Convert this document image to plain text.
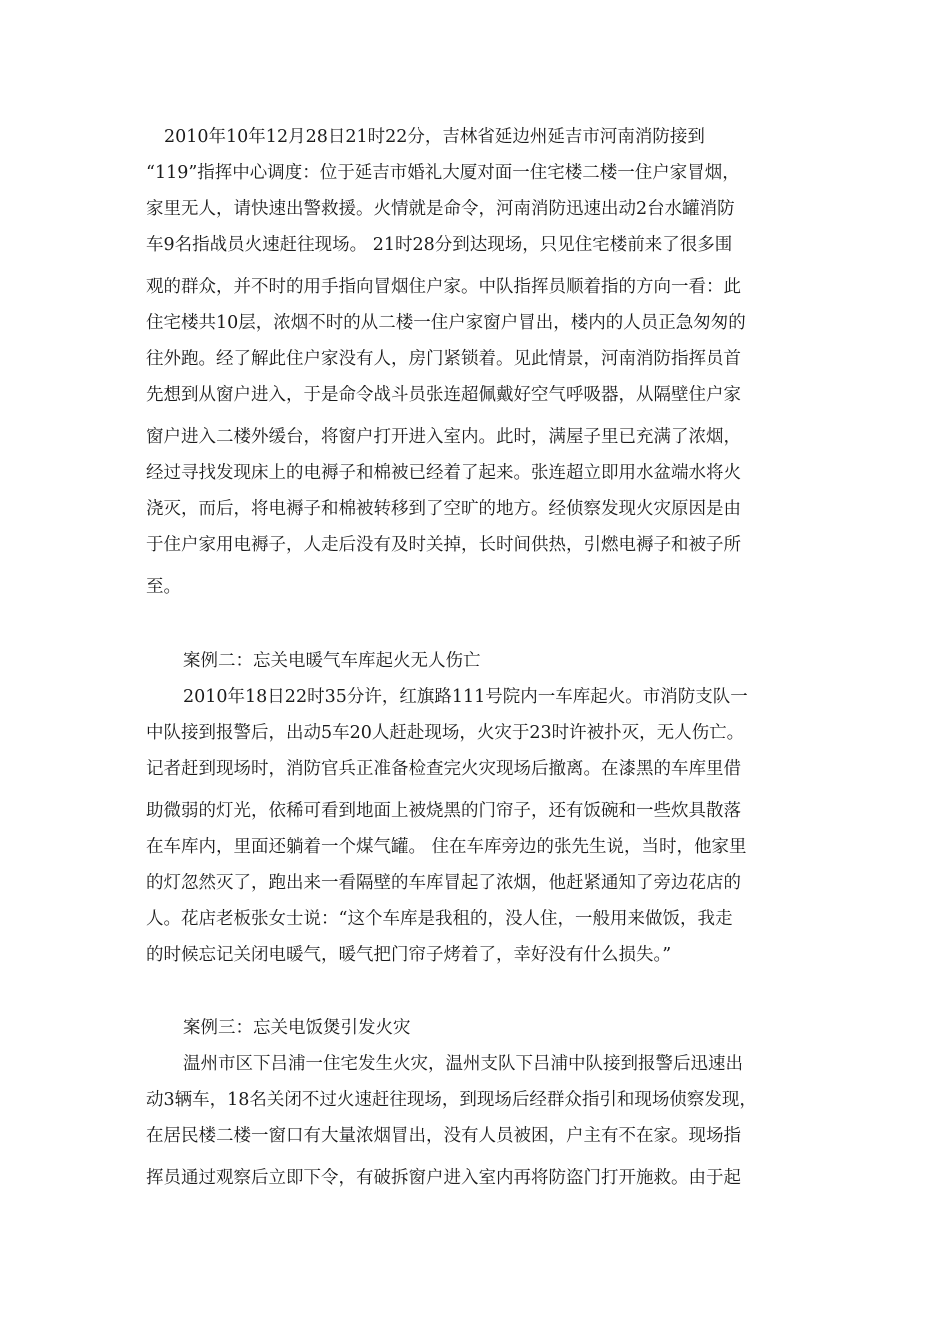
2010年10年12月28日21时22分，吉林省延边州延吉市河南消防接到
“119”指挥中心调度：位于延吉市婚礼大厦对面一住宅楼二楼一住户家冒烟，
家里无人，请快速出警救援。火情就是命令，河南消防迅速出动2台水罐消防
车9名指战员火速赶往现场。 21时28分到达现场，只见住宅楼前来了很多围
观的群众，并不时的用手指向冒烟住户家。中队指挥员顺着指的方向一看：此
住宅楼共10层，浓烟不时的从二楼一住户家窗户冒出，楼内的人员正急匆匆的
往外跑。经了解此住户家没有人，房门紧锁着。见此情景，河南消防指挥员首
先想到从窗户进入，于是命令战斗员张连超佩戴好空气呼吸器，从隔壁住户家
窗户进入二楼外缓台，将窗户打开进入室内。此时，满屋子里已充满了浓烟，
经过寻找发现床上的电褥子和棉被已经着了起来。张连超立即用水盆端水将火
浇灭，而后，将电褥子和棉被转移到了空旷的地方。经侦察发现火灾原因是由
于住户家用电褥子，人走后没有及时关掉，长时间供热，引燃电褥子和被子所
至。
案例二：忘关电暖气车库起火无人伤亡
2010年18日22时35分许，红旗路111号院内一车库起火。市消防支队一
中队接到报警后，出动5车20人赶赴现场，火灾于23时许被扑灭，无人伤亡。
记者赶到现场时，消防官兵正准备检查完火灾现场后撤离。在漆黑的车库里借
助微弱的灯光，依稀可看到地面上被烧黑的门帘子，还有饭碗和一些炊具散落
在车库内，里面还躺着一个煤气罐。 住在车库旁边的张先生说，当时，他家里
的灯忽然灭了，跑出来一看隔壁的车库冒起了浓烟，他赶紧通知了旁边花店的
人。花店老板张女士说：“这个车库是我租的，没人住，一般用来做饭，我走
的时候忘记关闭电暖气，暖气把门帘子烤着了，幸好没有什么损失。”
案例三：忘关电饭煲引发火灾
温州市区下吕浦一住宅发生火灾，温州支队下吕浦中队接到报警后迅速出
动3辆车，18名关闭不过火速赶往现场，到现场后经群众指引和现场侦察发现，
在居民楼二楼一窗口有大量浓烟冒出，没有人员被困，户主有不在家。现场指
挥员通过观察后立即下令，有破拆窗户进入室内再将防盗门打开施救。由于起
